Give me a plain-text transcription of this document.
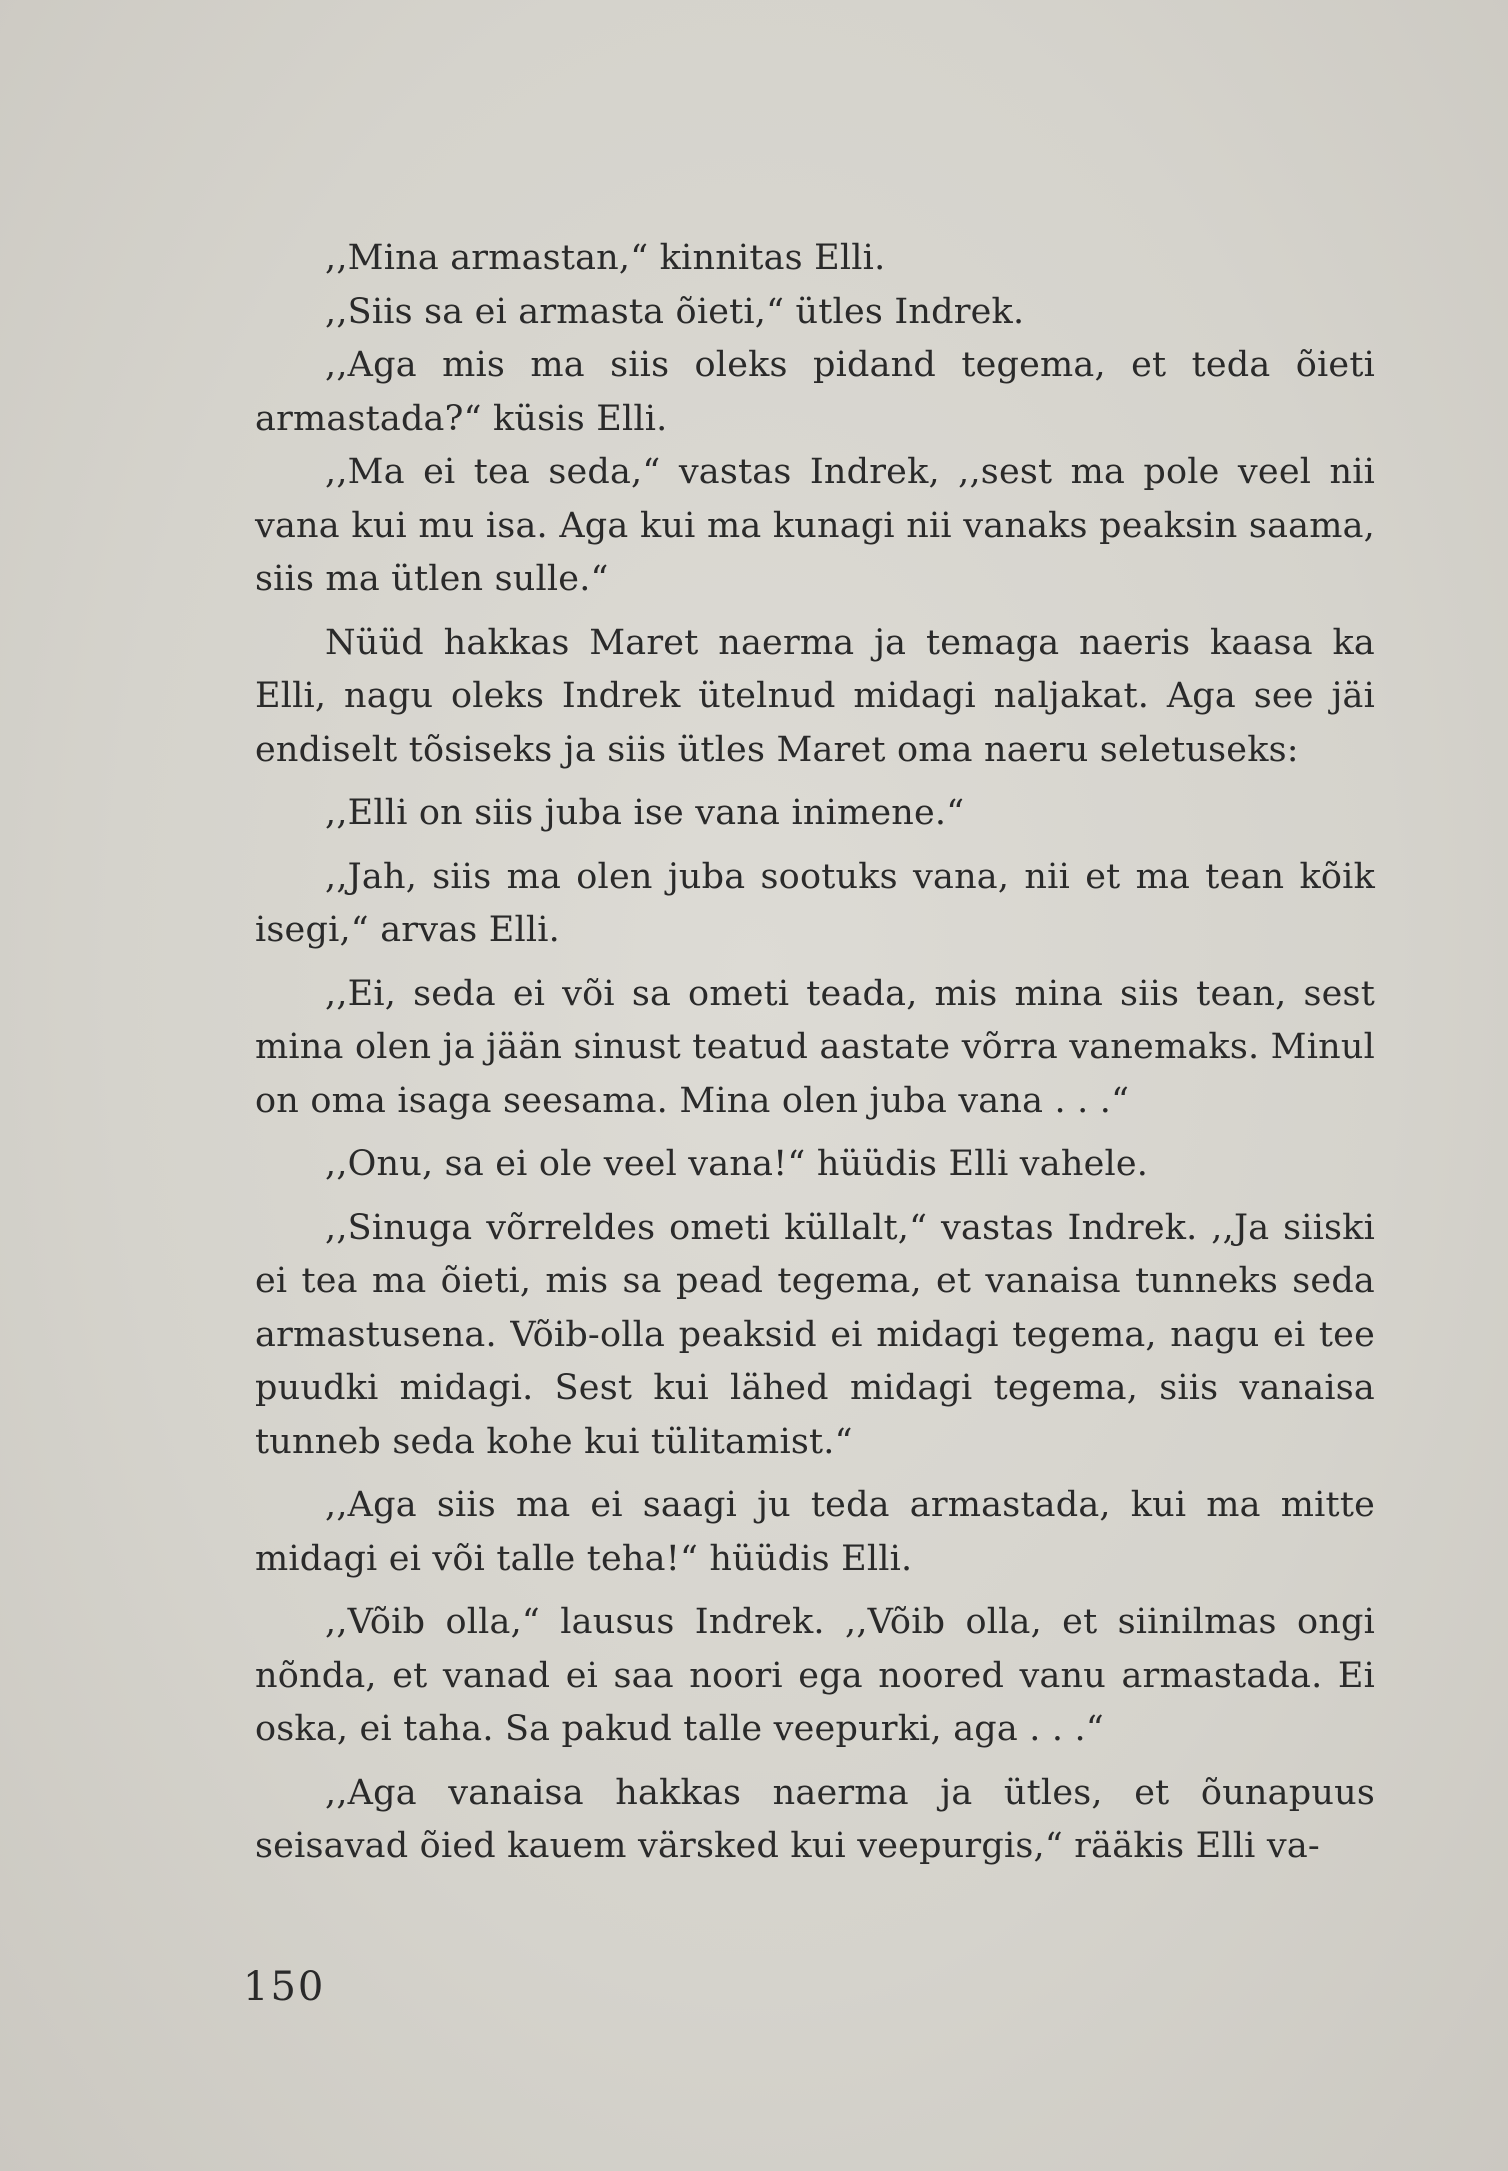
,,Mina armastan,“ kinnitas Elli.

,,Siis sa ei armasta õieti,“ ütles Indrek.

,,Aga mis ma siis oleks pidand tegema, et teda õieti armastada?“ küsis Elli.

,,Ma ei tea seda,“ vastas Indrek, ,,sest ma pole veel nii vana kui mu isa. Aga kui ma kunagi nii vanaks peaksin saama, siis ma ütlen sulle.“

Nüüd hakkas Maret naerma ja temaga naeris kaasa ka Elli, nagu oleks Indrek ütelnud midagi naljakat. Aga see jäi endiselt tõsiseks ja siis ütles Maret oma naeru seletuseks:

,,Elli on siis juba ise vana inimene.“

,,Jah, siis ma olen juba sootuks vana, nii et ma tean kõik isegi,“ arvas Elli.

,,Ei, seda ei või sa ometi teada, mis mina siis tean, sest mina olen ja jään sinust teatud aastate võrra vanemaks. Minul on oma isaga seesama. Mina olen juba vana . . .“

,,Onu, sa ei ole veel vana!“ hüüdis Elli vahele.

,,Sinuga võrreldes ometi küllalt,“ vastas Indrek. ,,Ja siiski ei tea ma õieti, mis sa pead tegema, et vanaisa tunneks seda armastusena. Võib-olla peaksid ei midagi tegema, nagu ei tee puudki midagi. Sest kui lähed midagi tegema, siis vanaisa tunneb seda kohe kui tülitamist.“

,,Aga siis ma ei saagi ju teda armastada, kui ma mitte midagi ei või talle teha!“ hüüdis Elli.

,,Võib olla,“ lausus Indrek. ,,Võib olla, et siinilmas ongi nõnda, et vanad ei saa noori ega noored vanu armastada. Ei oska, ei taha. Sa pakud talle veepurki, aga . . .“

,,Aga vanaisa hakkas naerma ja ütles, et õunapuus seisavad õied kauem värsked kui veepurgis,“ rääkis Elli va-

150
